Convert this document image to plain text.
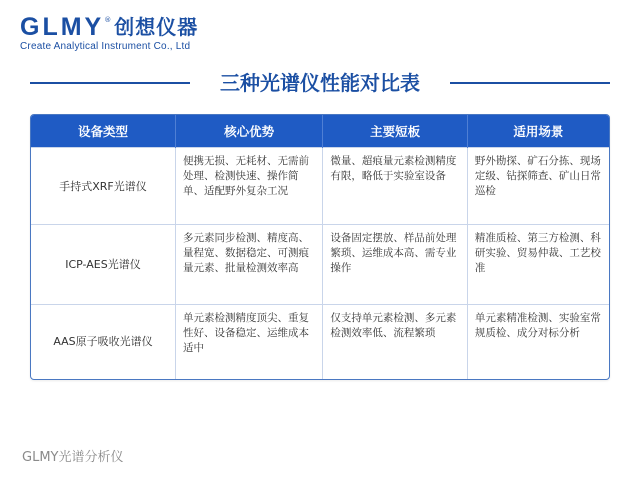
GLMY ® 创想仪器
Create Analytical Instrument Co., Ltd
三种光谱仪性能对比表
设备类型	核心优势	主要短板	适用场景
手持式XRF光谱仪	便携无损、无耗材、无需前处理、检测快速、操作简单、适配野外复杂工况	微量、超痕量元素检测精度有限，略低于实验室设备	野外勘探、矿石分拣、现场定级、钻探筛查、矿山日常巡检
ICP-AES光谱仪	多元素同步检测、精度高、量程宽、数据稳定、可测痕量元素、批量检测效率高	设备固定摆放、样品前处理繁琐、运维成本高、需专业操作	精准质检、第三方检测、科研实验、贸易仲裁、工艺校准
AAS原子吸收光谱仪	单元素检测精度顶尖、重复性好、设备稳定、运维成本适中	仅支持单元素检测、多元素检测效率低、流程繁琐	单元素精准检测、实验室常规质检、成分对标分析
GLMY光谱分析仪
